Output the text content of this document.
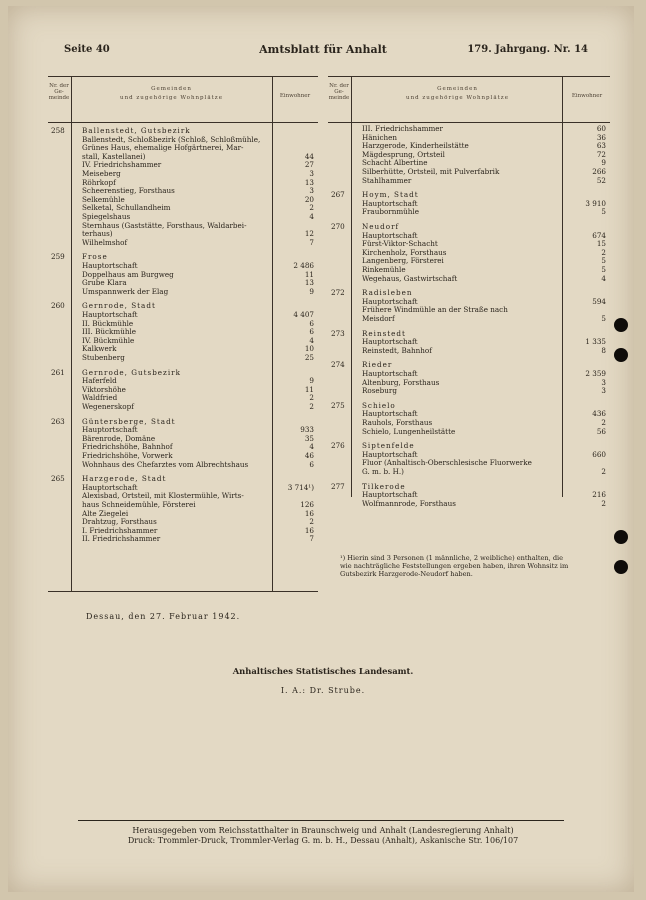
Seite 40	Amtsblatt für Anhalt	179. Jahrgang. Nr. 14
Nr. der Ge- meinde
Gemeinden
und zugehörige Wohnplätze	Einwohner
258	Ballenstedt, Gutsbezirk
Ballenstedt, Schloßbezirk (Schloß, Schloßmühle,
Grünes Haus, ehemalige Hofgärtnerei, Mar-
stall, Kastellanei)	44
IV. Friedrichshammer	27
Meiseberg	3
Röhrkopf	13
Scheerenstieg, Forsthaus	3
Selkemühle	20
Selketal, Schullandheim	2
Spiegelshaus	4
Sternhaus (Gaststätte, Forsthaus, Waldarbei-
terhaus)	12
Wilhelmshof	7
259	Frose
Hauptortschaft	2 486
Doppelhaus am Burgweg	11
Grube Klara	13
Umspannwerk der Elag	9
260	Gernrode, Stadt
Hauptortschaft	4 407
II. Bückmühle	6
III. Bückmühle	6
IV. Bückmühle	4
Kalkwerk	10
Stubenberg	25
261	Gernrode, Gutsbezirk
Haferfeld	9
Viktorshöhe	11
Waldfried	2
Wegenerskopf	2
263	Güntersberge, Stadt
Hauptortschaft	933
Bärenrode, Domäne	35
Friedrichshöhe, Bahnhof	4
Friedrichshöhe, Vorwerk	46
Wohnhaus des Chefarztes vom Albrechtshaus	6
265	Harzgerode, Stadt
Hauptortschaft	3 714¹)
Alexisbad, Ortsteil, mit Klostermühle, Wirts-
haus Schneidemühle, Försterei	126
Alte Ziegelei	16
Drahtzug, Forsthaus	2
I. Friedrichshammer	16
II. Friedrichshammer	7
Nr. der Ge- meinde
Gemeinden
und zugehörige Wohnplätze	Einwohner
III. Friedrichshammer	60
Hänichen	36
Harzgerode, Kinderheilstätte	63
Mägdesprung, Ortsteil	72
Schacht Albertine	9
Silberhütte, Ortsteil, mit Pulverfabrik	266
Stahlhammer	52
267	Hoym, Stadt
Hauptortschaft	3 910
Fraubornmühle	5
270	Neudorf
Hauptortschaft	674
Fürst-Viktor-Schacht	15
Kirchenholz, Forsthaus	2
Langenberg, Försterei	5
Rinkemühle	5
Wegehaus, Gastwirtschaft	4
272	Radisleben
Hauptortschaft	594
Frühere Windmühle an der Straße nach
Meisdorf	5
273	Reinstedt
Hauptortschaft	1 335
Reinstedt, Bahnhof	8
274	Rieder
Hauptortschaft	2 359
Altenburg, Forsthaus	3
Roseburg	3
275	Schielo
Hauptortschaft	436
Rauhols, Forsthaus	2
Schielo, Lungenheilstätte	56
276	Siptenfelde
Hauptortschaft	660
Fluor (Anhaltisch-Oberschlesische Fluorwerke
G. m. b. H.)	2
277	Tilkerode
Hauptortschaft	216
Wolfmannrode, Forsthaus	2
¹) Hierin sind 3 Personen (1 männliche, 2 weibliche) enthalten, die
wie nachträgliche Feststellungen ergeben haben, ihren Wohnsitz im
Gutsbezirk Harzgerode-Neudorf haben.
Dessau, den 27. Februar 1942.
Anhaltisches Statistisches Landesamt.
I. A.: Dr. Strube.
Herausgegeben vom Reichsstatthalter in Braunschweig und Anhalt (Landesregierung Anhalt)
Druck: Trommler-Druck, Trommler-Verlag G. m. b. H., Dessau (Anhalt), Askanische Str. 106/107
